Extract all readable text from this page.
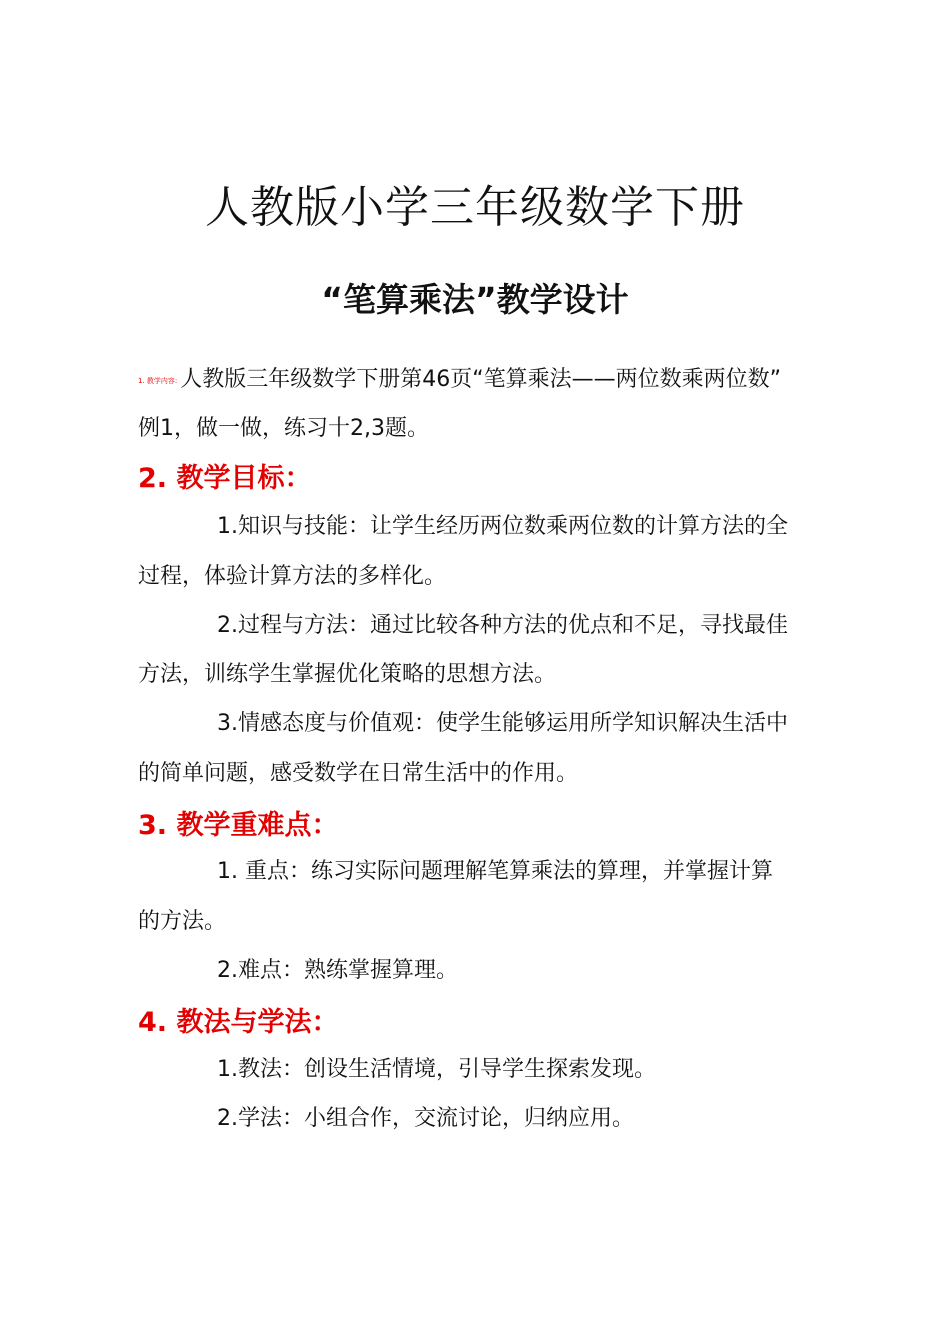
人教版小学三年级数学下册
“笔算乘法”教学设计

1. 教学内容: 人教版三年级数学下册第46页“笔算乘法——两位数乘两位数”

例1，做一做，练习十2,3题。

2. 教学目标：

1.知识与技能：让学生经历两位数乘两位数的计算方法的全

过程，体验计算方法的多样化。

2.过程与方法：通过比较各种方法的优点和不足，寻找最佳

方法，训练学生掌握优化策略的思想方法。

3.情感态度与价值观：使学生能够运用所学知识解决生活中

的简单问题，感受数学在日常生活中的作用。

3. 教学重难点：

1. 重点：练习实际问题理解笔算乘法的算理，并掌握计算

的方法。

2.难点：熟练掌握算理。

4. 教法与学法：

1.教法：创设生活情境，引导学生探索发现。

2.学法：小组合作，交流讨论，归纳应用。
